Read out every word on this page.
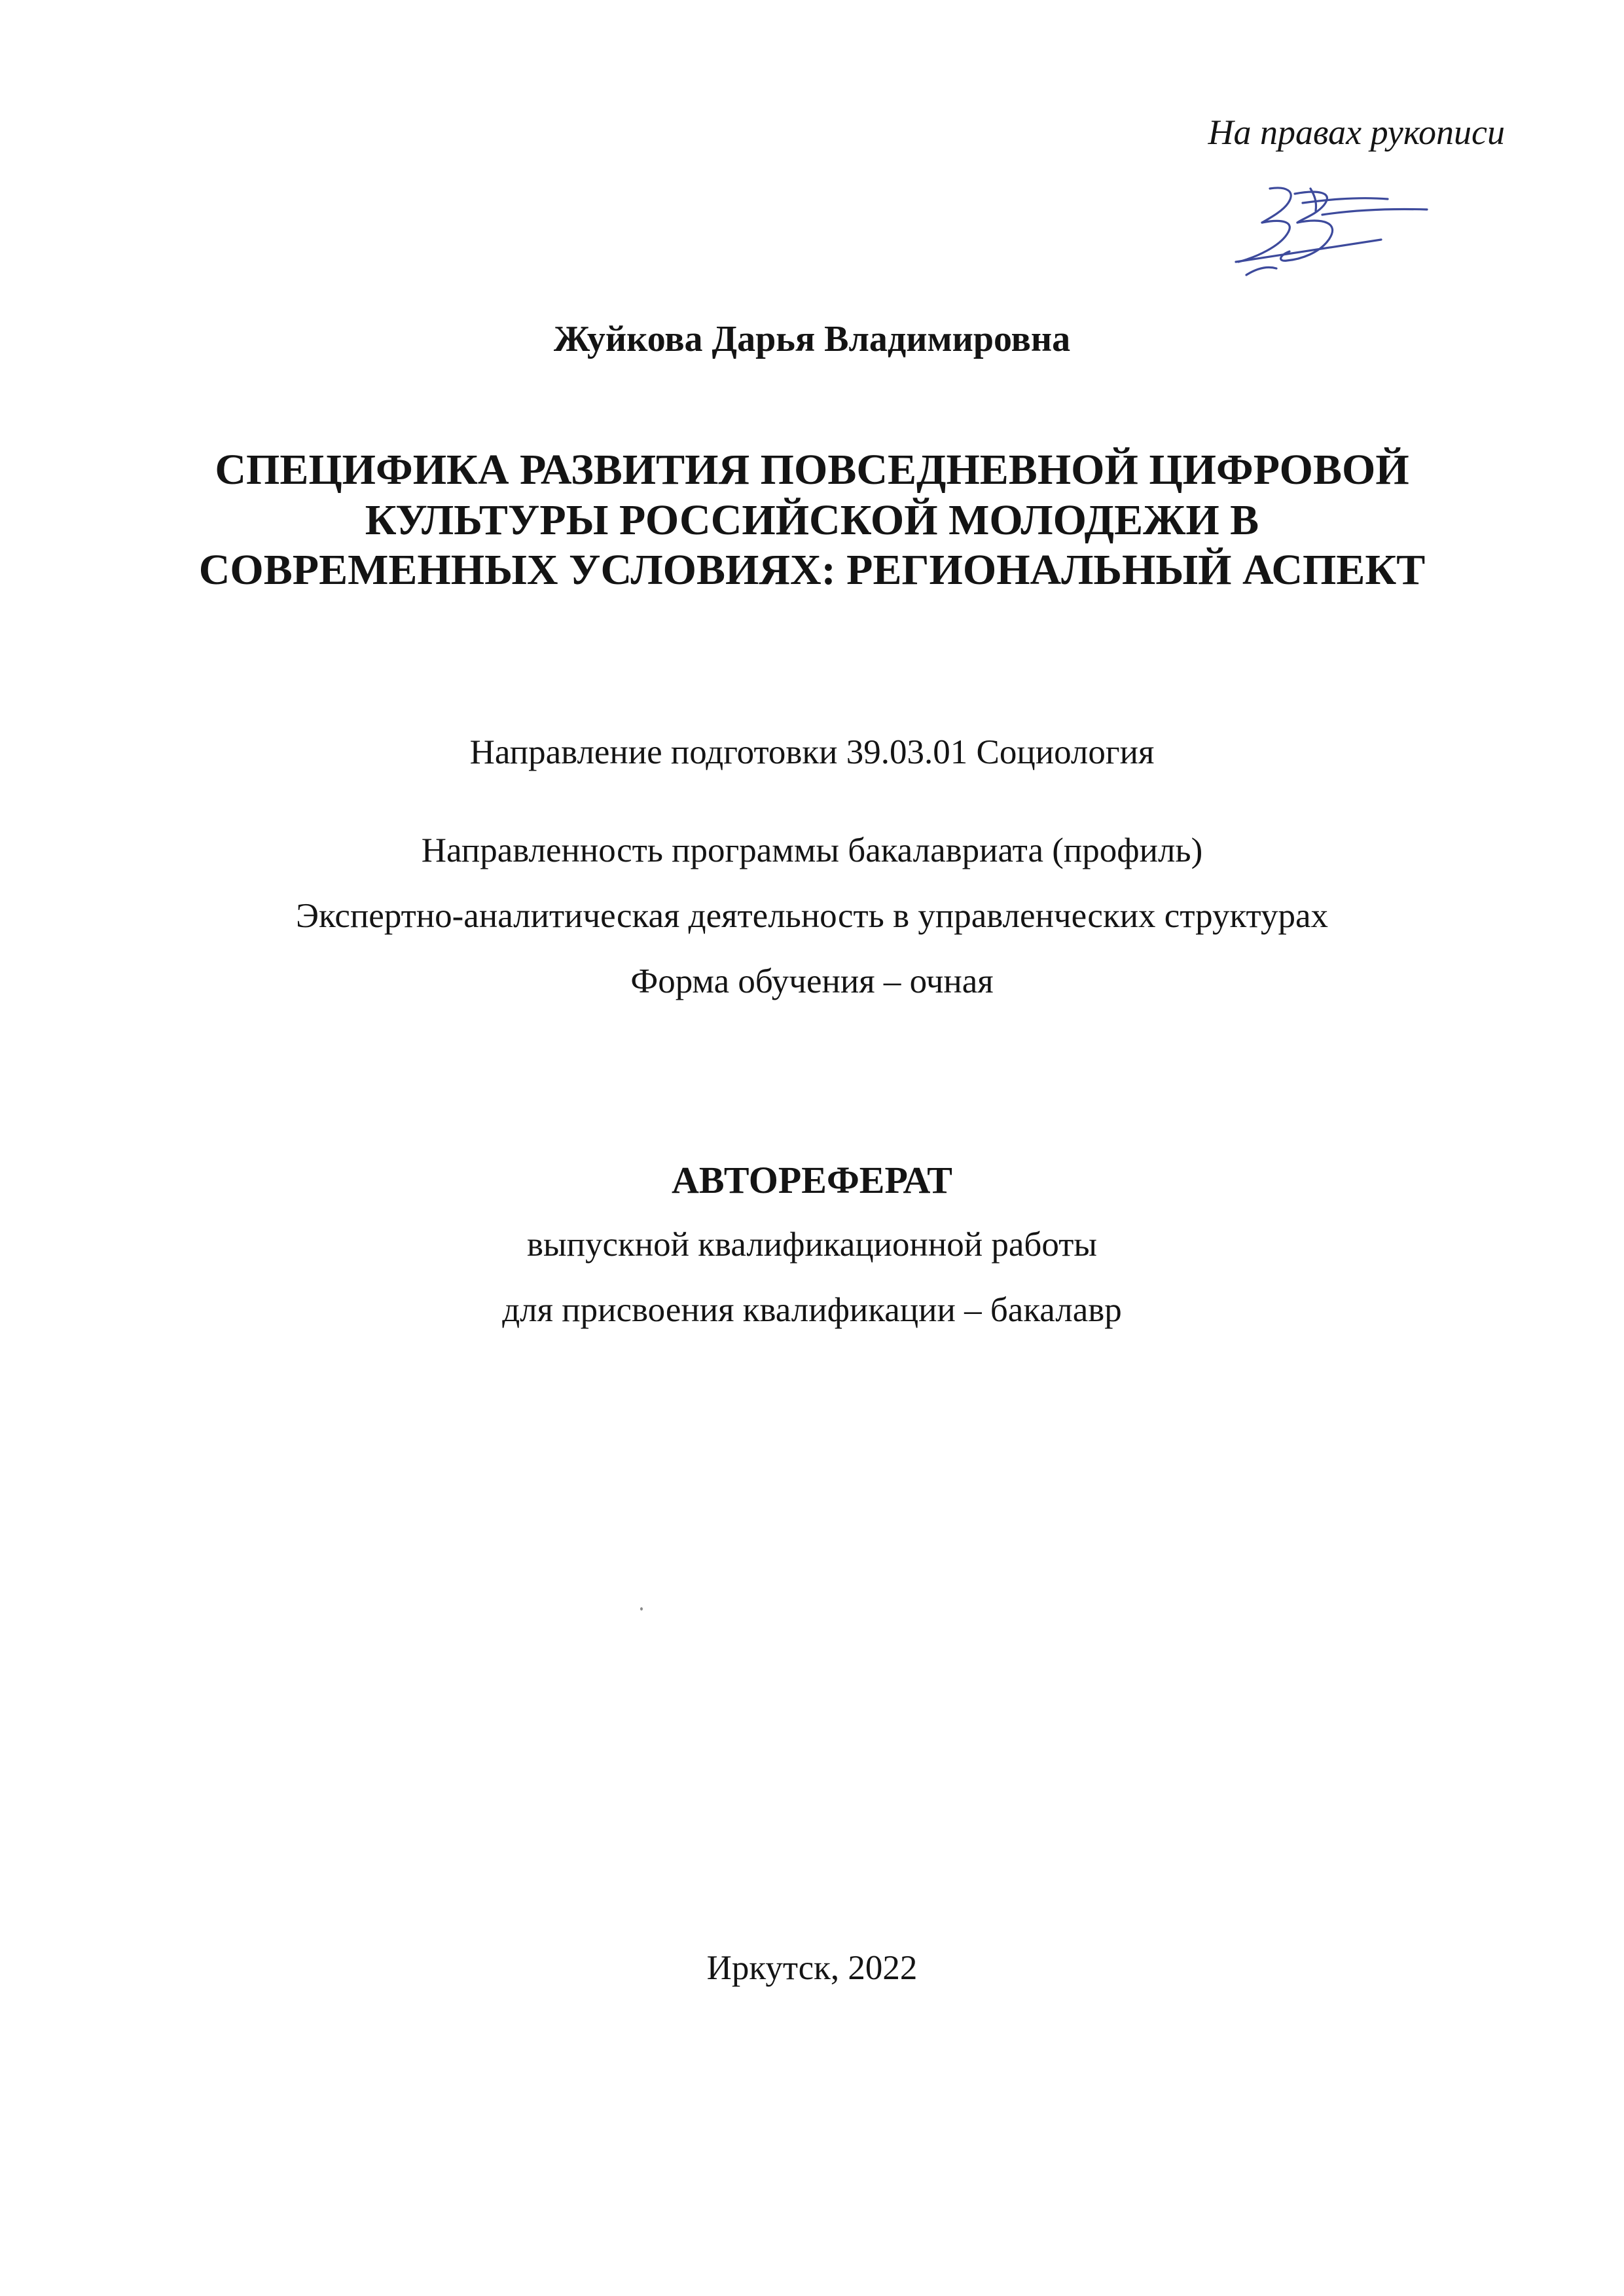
На правах рукописи
Жуйкова Дарья Владимировна
СПЕЦИФИКА РАЗВИТИЯ ПОВСЕДНЕВНОЙ ЦИФРОВОЙ
КУЛЬТУРЫ РОССИЙСКОЙ МОЛОДЕЖИ В
СОВРЕМЕННЫХ УСЛОВИЯХ: РЕГИОНАЛЬНЫЙ АСПЕКТ
Направление подготовки 39.03.01 Социология
Направленность программы бакалавриата (профиль)
Экспертно-аналитическая деятельность в управленческих структурах
Форма обучения – очная
АВТОРЕФЕРАТ
выпускной квалификационной работы
для присвоения квалификации – бакалавр
Иркутск, 2022
